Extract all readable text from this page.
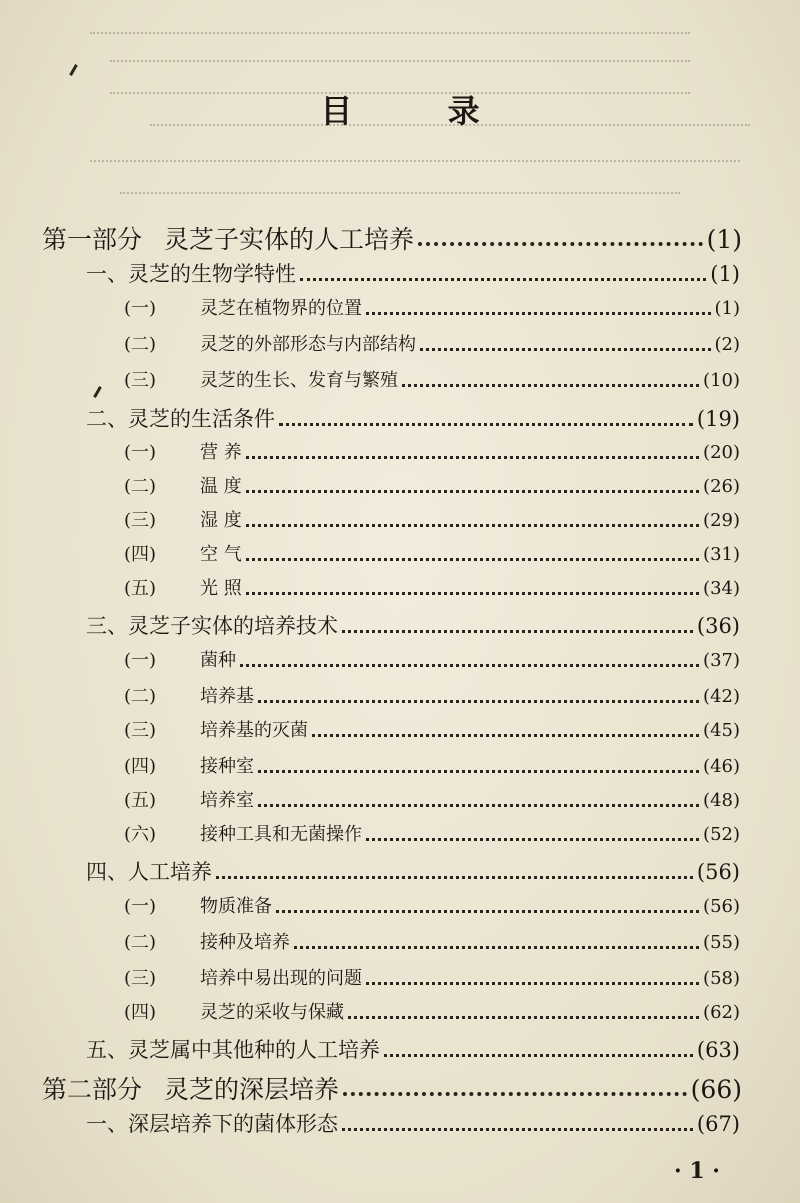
目 录
第一部分 灵芝子实体的人工培养	(1)
一、灵芝的生物学特性	(1)
(一) 灵芝在植物界的位置	(1)
(二) 灵芝的外部形态与内部结构	(2)
(三) 灵芝的生长、发育与繁殖	(10)
二、灵芝的生活条件	(19)
(一) 营 养	(20)
(二) 温 度	(26)
(三) 湿 度	(29)
(四) 空 气	(31)
(五) 光 照	(34)
三、灵芝子实体的培养技术	(36)
(一) 菌种	(37)
(二) 培养基	(42)
(三) 培养基的灭菌	(45)
(四) 接种室	(46)
(五) 培养室	(48)
(六) 接种工具和无菌操作	(52)
四、人工培养	(56)
(一) 物质准备	(56)
(二) 接种及培养	(55)
(三) 培养中易出现的问题	(58)
(四) 灵芝的采收与保藏	(62)
五、灵芝属中其他种的人工培养	(63)
第二部分 灵芝的深层培养	(66)
一、深层培养下的菌体形态	(67)
· 1 ·
